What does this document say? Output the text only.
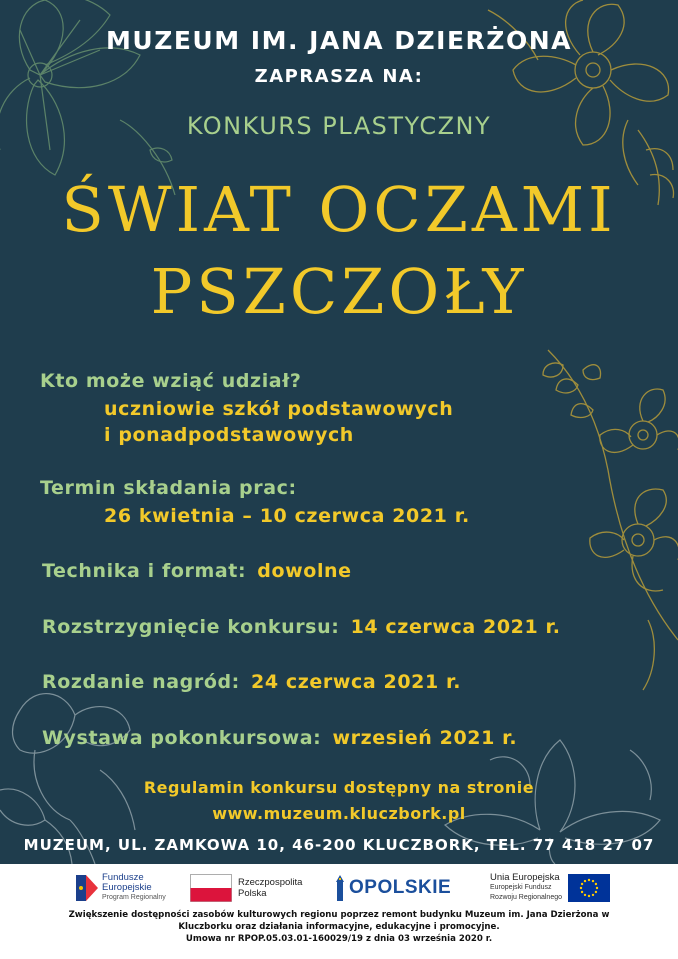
MUZEUM IM. JANA DZIERŻONA
ZAPRASZA NA:
KONKURS PLASTYCZNY
ŚWIAT OCZAMI
PSZCZOŁY
Kto może wziąć udział?
uczniowie szkół podstawowych
i ponadpodstawowych
Termin składania prac:
26 kwietnia – 10 czerwca 2021 r.
Technika i format: dowolne
Rozstrzygnięcie konkursu: 14 czerwca 2021 r.
Rozdanie nagród: 24 czerwca 2021 r.
Wystawa pokonkursowa: wrzesień 2021 r.
Regulamin konkursu dostępny na stronie
www.muzeum.kluczbork.pl
MUZEUM, UL. ZAMKOWA 10, 46-200 KLUCZBORK, TEL. 77 418 27 07
Fundusze
Europejskie
Program Regionalny
Rzeczpospolita
Polska	OPOLSKIE	Unia Europejska
Europejski Fundusz
Rozwoju Regionalnego
Zwiększenie dostępności zasobów kulturowych regionu poprzez remont budynku Muzeum im. Jana Dzierżona w
Kluczborku oraz działania informacyjne, edukacyjne i promocyjne.
Umowa nr RPOP.05.03.01-160029/19 z dnia 03 września 2020 r.
